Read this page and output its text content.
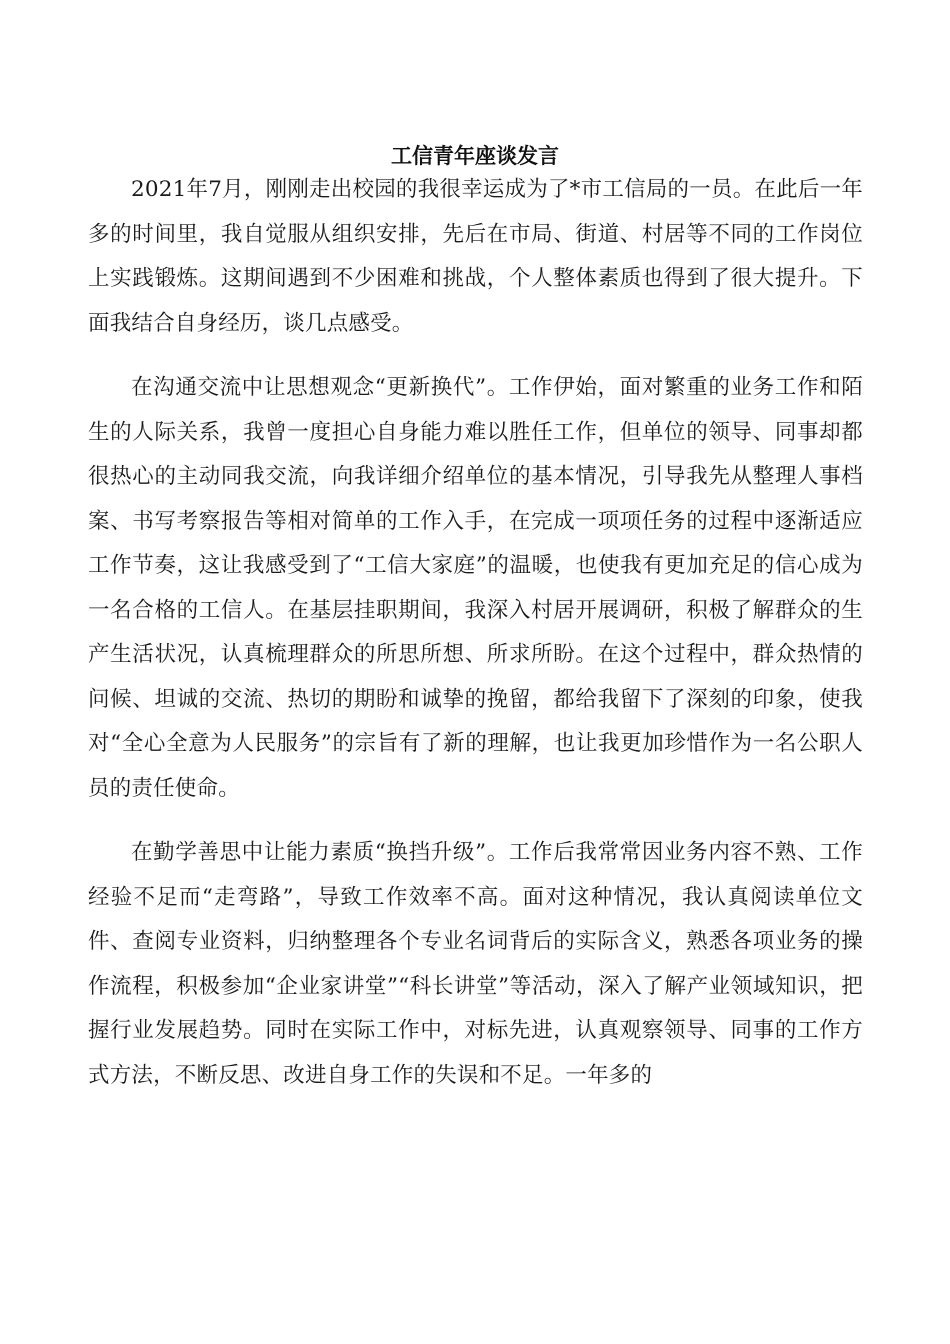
工信青年座谈发言

2021年7月，刚刚走出校园的我很幸运成为了*市工信局的一员。在此后一年多的时间里，我自觉服从组织安排，先后在市局、街道、村居等不同的工作岗位上实践锻炼。这期间遇到不少困难和挑战，个人整体素质也得到了很大提升。下面我结合自身经历，谈几点感受。

在沟通交流中让思想观念“更新换代”。工作伊始，面对繁重的业务工作和陌生的人际关系，我曾一度担心自身能力难以胜任工作，但单位的领导、同事却都很热心的主动同我交流，向我详细介绍单位的基本情况，引导我先从整理人事档案、书写考察报告等相对简单的工作入手，在完成一项项任务的过程中逐渐适应工作节奏，这让我感受到了“工信大家庭”的温暖，也使我有更加充足的信心成为一名合格的工信人。在基层挂职期间，我深入村居开展调研，积极了解群众的生产生活状况，认真梳理群众的所思所想、所求所盼。在这个过程中，群众热情的问候、坦诚的交流、热切的期盼和诚挚的挽留，都给我留下了深刻的印象，使我对“全心全意为人民服务”的宗旨有了新的理解，也让我更加珍惜作为一名公职人员的责任使命。

在勤学善思中让能力素质“换挡升级”。工作后我常常因业务内容不熟、工作经验不足而“走弯路”，导致工作效率不高。面对这种情况，我认真阅读单位文件、查阅专业资料，归纳整理各个专业名词背后的实际含义，熟悉各项业务的操作流程，积极参加“企业家讲堂”“科长讲堂”等活动，深入了解产业领域知识，把握行业发展趋势。同时在实际工作中，对标先进，认真观察领导、同事的工作方式方法，不断反思、改进自身工作的失误和不足。一年多的
